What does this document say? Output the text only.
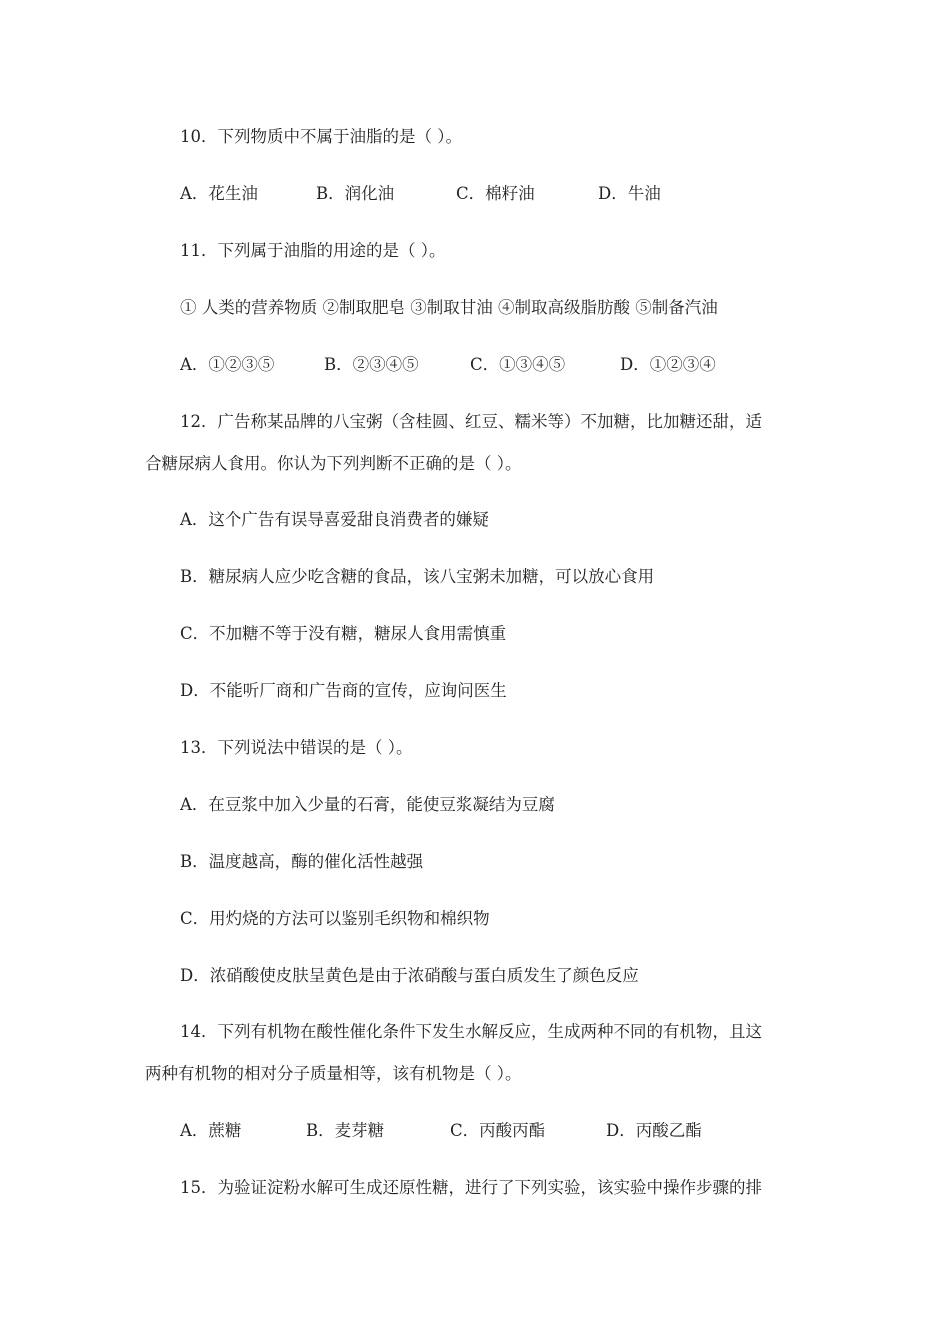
10．下列物质中不属于油脂的是（ ）。
A．花生油	B．润化油	C．棉籽油	D．牛油
11．下列属于油脂的用途的是（ ）。
① 人类的营养物质 ②制取肥皂 ③制取甘油 ④制取高级脂肪酸 ⑤制备汽油
A．①②③⑤	B．②③④⑤	C．①③④⑤	D．①②③④
12．广告称某品牌的八宝粥（含桂圆、红豆、糯米等）不加糖，比加糖还甜，适
合糖尿病人食用。你认为下列判断不正确的是（ ）。
A．这个广告有误导喜爱甜良消费者的嫌疑
B．糖尿病人应少吃含糖的食品，该八宝粥未加糖，可以放心食用
C．不加糖不等于没有糖，糖尿人食用需慎重
D．不能听厂商和广告商的宣传，应询问医生
13．下列说法中错误的是（ ）。
A．在豆浆中加入少量的石膏，能使豆浆凝结为豆腐
B．温度越高，酶的催化活性越强
C．用灼烧的方法可以鉴别毛织物和棉织物
D．浓硝酸使皮肤呈黄色是由于浓硝酸与蛋白质发生了颜色反应
14．下列有机物在酸性催化条件下发生水解反应，生成两种不同的有机物，且这
两种有机物的相对分子质量相等，该有机物是（ ）。
A．蔗糖	B．麦芽糖	C．丙酸丙酯	D．丙酸乙酯
15．为验证淀粉水解可生成还原性糖，进行了下列实验，该实验中操作步骤的排
